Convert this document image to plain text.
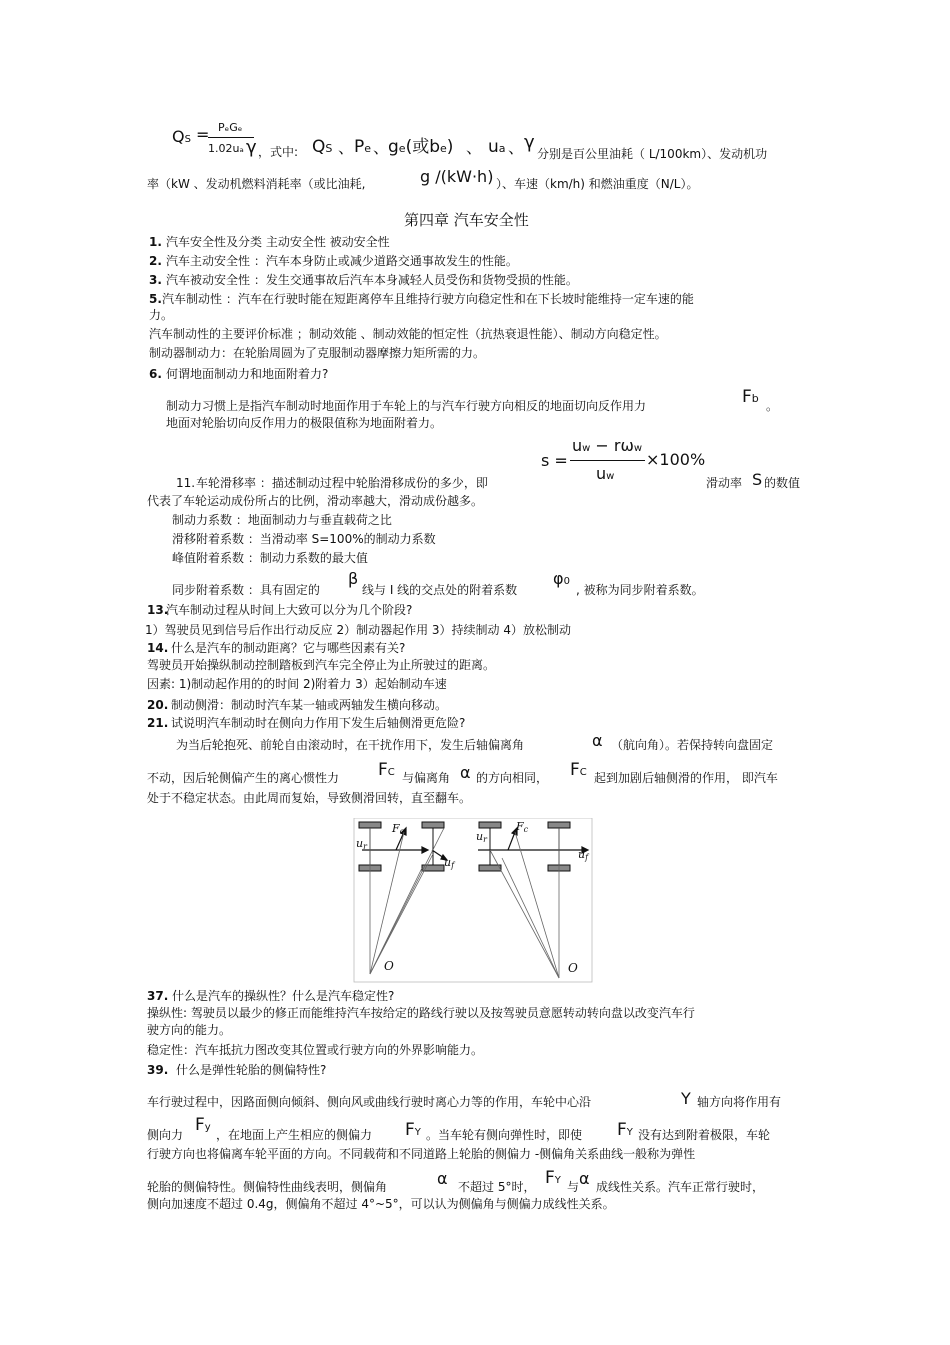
QS = PₑGₑ
1.02uₐ γ ，式中: QS 、 Pe 、
ge(或be) 、 ua 、 γ
分别是百公里油耗（ L/100km）、发动机功
率（kW 、发动机燃料消耗率（或比油耗,	g /(kW·h) ）、车速（km/h) 和燃油重度（N/L）。
第四章 汽车安全性
1. 汽车安全性及分类 主动安全性 被动安全性
2. 汽车主动安全性 ：汽车本身防止或减少道路交通事故发生的性能。
3. 汽车被动安全性 ：发生交通事故后汽车本身减轻人员受伤和货物受损的性能。
5. 汽车制动性 ：汽车在行驶时能在短距离停车且维持行驶方向稳定性和在下长坡时能维持一定车速的能
力。
汽车制动性的主要评价标准 ；制动效能 、制动效能的恒定性（抗热衰退性能）、制动方向稳定性。
制动器制动力：在轮胎周圆为了克服制动器摩擦力矩所需的力。
6. 何谓地面制动力和地面附着力?
制动力习惯上是指汽车制动时地面作用于车轮上的与汽车行驶方向相反的地面切向反作用力	Fb
。
地面对轮胎切向反作用力的极限值称为地面附着力。
s =
uw − rωw
uw
×100%
11. 车轮滑移率 ：描述制动过程中轮胎滑移成份的多少，即	滑动率 S 的数值
代表了车轮运动成份所占的比例，滑动率越大，滑动成份越多。
制动力系数 ：地面制动力与垂直载荷之比
滑移附着系数 ：当滑动率 S=100%的制动力系数
峰值附着系数 ：制动力系数的最大值
同步附着系数 ：具有固定的
β
线与 I 线的交点处的附着系数
φ0
, 被称为同步附着系数。
13.
汽车制动过程从时间上大致可以分为几个阶段?
1）驾驶员见到信号后作出行动反应 2）制动器起作用 3）持续制动 4）放松制动
14. 什么是汽车的制动距离？它与哪些因素有关?
驾驶员开始操纵制动控制踏板到汽车完全停止为止所驶过的距离。
因素: 1)制动起作用的的时间 2)附着力 3）起始制动车速
20. 制动侧滑：制动时汽车某一轴或两轴发生横向移动。
21. 试说明汽车制动时在侧向力作用下发生后轴侧滑更危险?
为当后轮抱死、前轮自由滚动时，在干扰作用下，发生后轴偏离角	α （航向角）。若保持转向盘固定
不动，因后轮侧偏产生的离心惯性力 FC 与偏离角 α 的方向相同， FC 起到加剧后轴侧滑的作用， 即汽车
处于不稳定状态。由此周而复始，导致侧滑回转，直至翻车。
Fc
ur
uf
Fc
ur
uf
O	O
37. 什么是汽车的操纵性？什么是汽车稳定性?
操纵性: 驾驶员以最少的修正而能维持汽车按给定的路线行驶以及按驾驶员意愿转动转向盘以改变汽车行
驶方向的能力。
稳定性：汽车抵抗力图改变其位置或行驶方向的外界影响能力。
39. 什么是弹性轮胎的侧偏特性?
车行驶过程中，因路面侧向倾斜、侧向风或曲线行驶时离心力等的作用，车轮中心沿	Y 轴方向将作用有
侧向力 Fy
，在地面上产生相应的侧偏力 FY 。当车轮有侧向弹性时，即使 FY 没有达到附着极限，车轮
行驶方向也将偏离车轮平面的方向。不同载荷和不同道路上轮胎的侧偏力 -侧偏角关系曲线一般称为弹性
轮胎的侧偏特性。侧偏特性曲线表明，侧偏角	α 不超过 5°时， FY 与 α 成线性关系。汽车正常行驶时，
侧向加速度不超过 0.4g，侧偏角不超过 4°~5°，可以认为侧偏角与侧偏力成线性关系。
